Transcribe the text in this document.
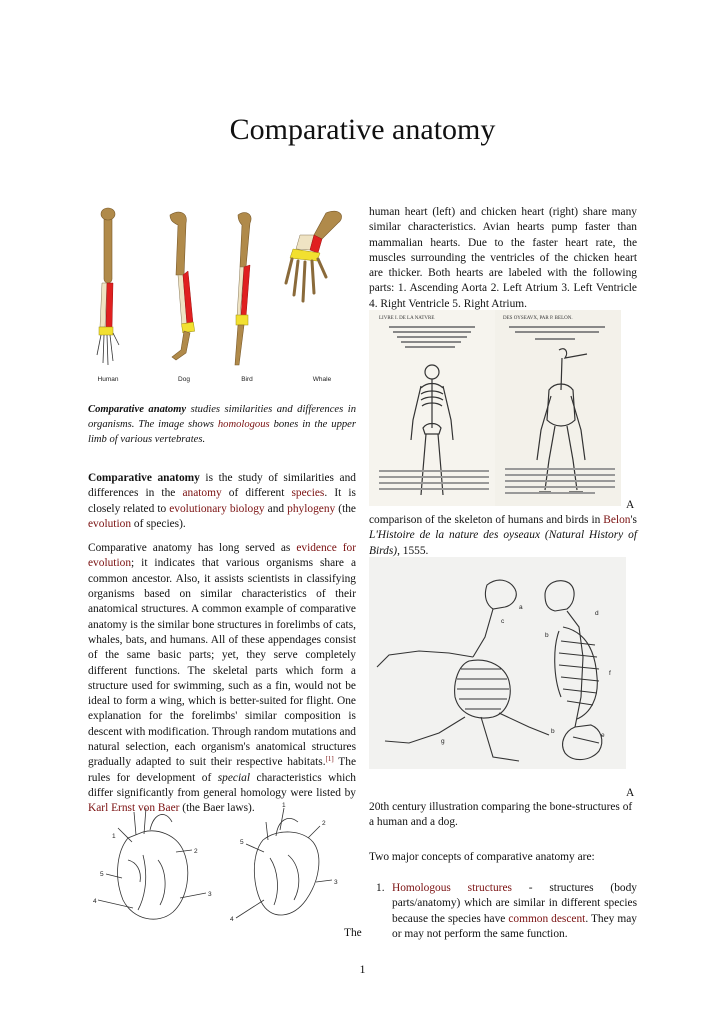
Comparative anatomy
Human	Dog	Bird	Whale

Comparative anatomy studies similarities and differences in organisms. The image shows homologous bones in the upper limb of various vertebrates.

Comparative anatomy is the study of similarities and differences in the anatomy of different species. It is closely related to evolutionary biology and phylogeny (the evolution of species).

Comparative anatomy has long served as evidence for evolution; it indicates that various organisms share a common ancestor. Also, it assists scientists in classifying organisms based on similar characteristics of their anatomical structures. A common example of comparative anatomy is the similar bone structures in forelimbs of cats, whales, bats, and humans. All of these appendages consist of the same basic parts; yet, they serve completely different functions. The skeletal parts which form a structure used for swimming, such as a fin, would not be ideal to form a wing, which is better-suited for flight. One explanation for the forelimbs' similar composition is descent with modification. Through random mutations and natural selection, each organism's anatomical structures gradually adapted to suit their respective habitats.[1] The rules for development of special characteristics which differ significantly from general homology were listed by Karl Ernst von Baer (the Baer laws).

1
2
3
4
5
1
2
3
4
5
The
human heart (left) and chicken heart (right) share many similar characteristics. Avian hearts pump faster than mammalian hearts. Due to the faster heart rate, the muscles surrounding the ventricles of the chicken heart are thicker. Both hearts are labeled with the following parts: 1. Ascending Aorta 2. Left Atrium 3. Left Ventricle 4. Right Ventricle 5. Right Atrium.
LIVRE I. DE LA NATVRE	DES OYSEAVX, PAR P. BELON.
A
comparison of the skeleton of humans and birds in Belon's L'Histoire de la nature des oyseaux (Natural History of Birds), 1555.
a
b
c
d
f
e
g
b
A
20th century illustration comparing the bone-structures of a human and a dog.
Two major concepts of comparative anatomy are:
1. Homologous structures - structures (body parts/anatomy) which are similar in different species because the species have common descent. They may or may not perform the same function.
1
